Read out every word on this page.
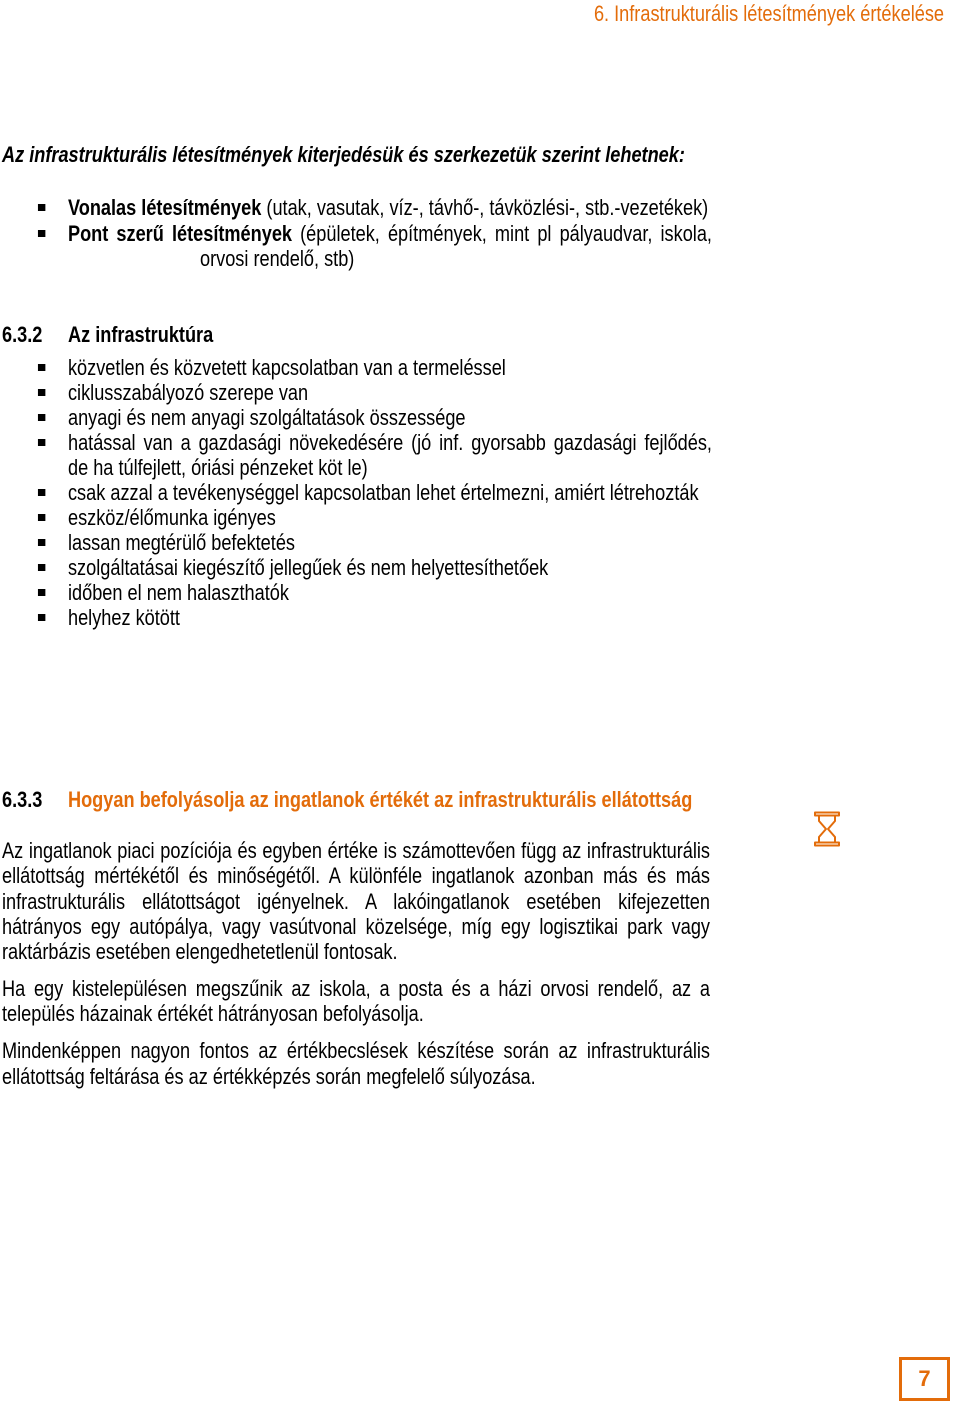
6. Infrastrukturális létesítmények értékelése
Az infrastrukturális létesítmények kiterjedésük és szerkezetük szerint lehetnek:
Vonalas létesítmények (utak, vasutak, víz-, távhő-, távközlési-, stb.-vezetékek)
Pont szerű létesítmények (épületek, építmények, mint pl pályaudvar, iskola,
orvosi rendelő, stb)
6.3.2 Az infrastruktúra
közvetlen és közvetett kapcsolatban van a termeléssel
ciklusszabályozó szerepe van
anyagi és nem anyagi szolgáltatások összessége
hatással van a gazdasági növekedésére (jó inf. gyorsabb gazdasági fejlődés,
de ha túlfejlett, óriási pénzeket köt le)
csak azzal a tevékenységgel kapcsolatban lehet értelmezni, amiért létrehozták
eszköz/élőmunka igényes
lassan megtérülő befektetés
szolgáltatásai kiegészítő jellegűek és nem helyettesíthetőek
időben el nem halaszthatók
helyhez kötött
6.3.3 Hogyan befolyásolja az ingatlanok értékét az infrastrukturális ellátottság
Az ingatlanok piaci pozíciója és egyben értéke is számottevően függ az infrastrukturális
ellátottság mértékétől és minőségétől. A különféle ingatlanok azonban más és más
infrastrukturális ellátottságot igényelnek. A lakóingatlanok esetében kifejezetten
hátrányos egy autópálya, vagy vasútvonal közelsége, míg egy logisztikai park vagy
raktárbázis esetében elengedhetetlenül fontosak.
Ha egy kistelepülésen megszűnik az iskola, a posta és a házi orvosi rendelő, az a
település házainak értékét hátrányosan befolyásolja.
Mindenképpen nagyon fontos az értékbecslések készítése során az infrastrukturális
ellátottság feltárása és az értékképzés során megfelelő súlyozása.
7
